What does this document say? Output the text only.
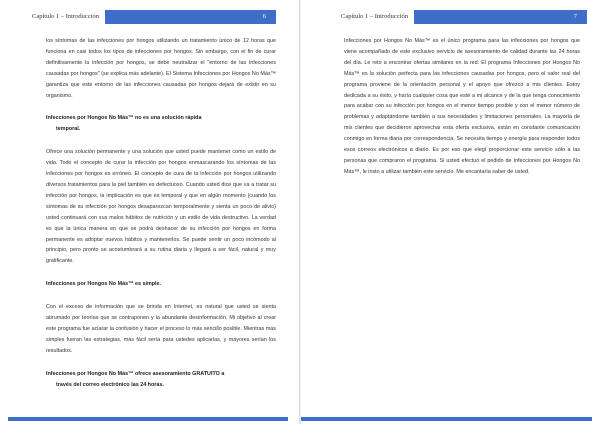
Capítulo 1 – Introducción	6

los síntomas de las infecciones por hongos utilizando un tratamiento único de 12 horas que funciona en casi todos los tipos de infecciones por hongos. Sin embargo, con el fin de curar definitivamente la infección por hongos, se debe neutralizar el "entorno de las infecciones causadas por hongos" (se explica más adelante). El Sistema Infecciones por Hongos No Más™ garantiza que este entorno de las infecciones causadas por hongos dejará de existir en su organismo.

Infecciones por Hongos No Más™ no es una solución rápida

temporal.

Ofrece una solución permanente y una solución que usted puede mantener como un estilo de vida. Todo el concepto de curar la infección por hongos enmascarando los síntomas de las infecciones por hongos es erróneo. El concepto de cura de la infección por hongos utilizando diversos tratamientos para la piel también es defectuoso. Cuando usted dice que va a tratar su infección por hongos, la implicación es que es temporal y que en algún momento (cuando los síntomas de su infección por hongos desaparezcan temporalmente y sienta un poco de alivio) usted continuará con sus malos hábitos de nutrición y un estilo de vida destructivo. La verdad es que la única manera en que se podrá deshacer de su infección por hongos en forma permanente es adoptar nuevos hábitos y mantenerlos. Se puede sentir un poco incómodo al principio, pero pronto se acostumbrará a su rutina diaria y llegará a ser fácil, natural y muy gratificante.

Infecciones por Hongos No Más™ es simple.

Con el exceso de información que se brinda en Internet, es natural que usted se sienta abrumado por teorías que se contraponen y la abundante desinformación. Mi objetivo al crear este programa fue aclarar la confusión y hacer el proceso lo más sencillo posible. Mientras más simples fueran las estrategias, más fácil sería para ustedes aplicarlas, y mayores serían los resultados.

Infecciones por Hongos No Más™ ofrece asesoramiento GRATUITO a

través del correo electrónico las 24 horas.

Capítulo 1 – Introducción	7

Infecciones por Hongos No Más™ es el único programa para las infecciones por hongos que viene acompañado de este exclusivo servicio de asesoramiento de calidad durante las 24 horas del día. Le reto a encontrar ofertas similares en la red. El programa Infecciones por Hongos No Más™ es la solución perfecta para las infecciones causadas por hongos, pero el valor real del programa proviene de la orientación personal y el apoyo que ofrezco a mis clientes. Estoy dedicada a su éxito, y haría cualquier cosa que esté a mi alcance y de la que tenga conocimiento para acabar con su infección por hongos en el menor tiempo posible y con el menor número de problemas y adaptándome también a sus necesidades y limitaciones personales. La mayoría de mis clientes que decidieron aprovechar esta oferta exclusiva, están en constante comunicación conmigo en forma diaria por correspondencia. Se necesita tiempo y energía para responder todos esos correos electrónicos a diario. Es por eso que elegí proporcionar este servicio sólo a las personas que compraron el programa. Si usted efectuó el pedido de Infecciones por Hongos No Más™, le insto a utilizar también este servicio. Me encantaría saber de usted.
